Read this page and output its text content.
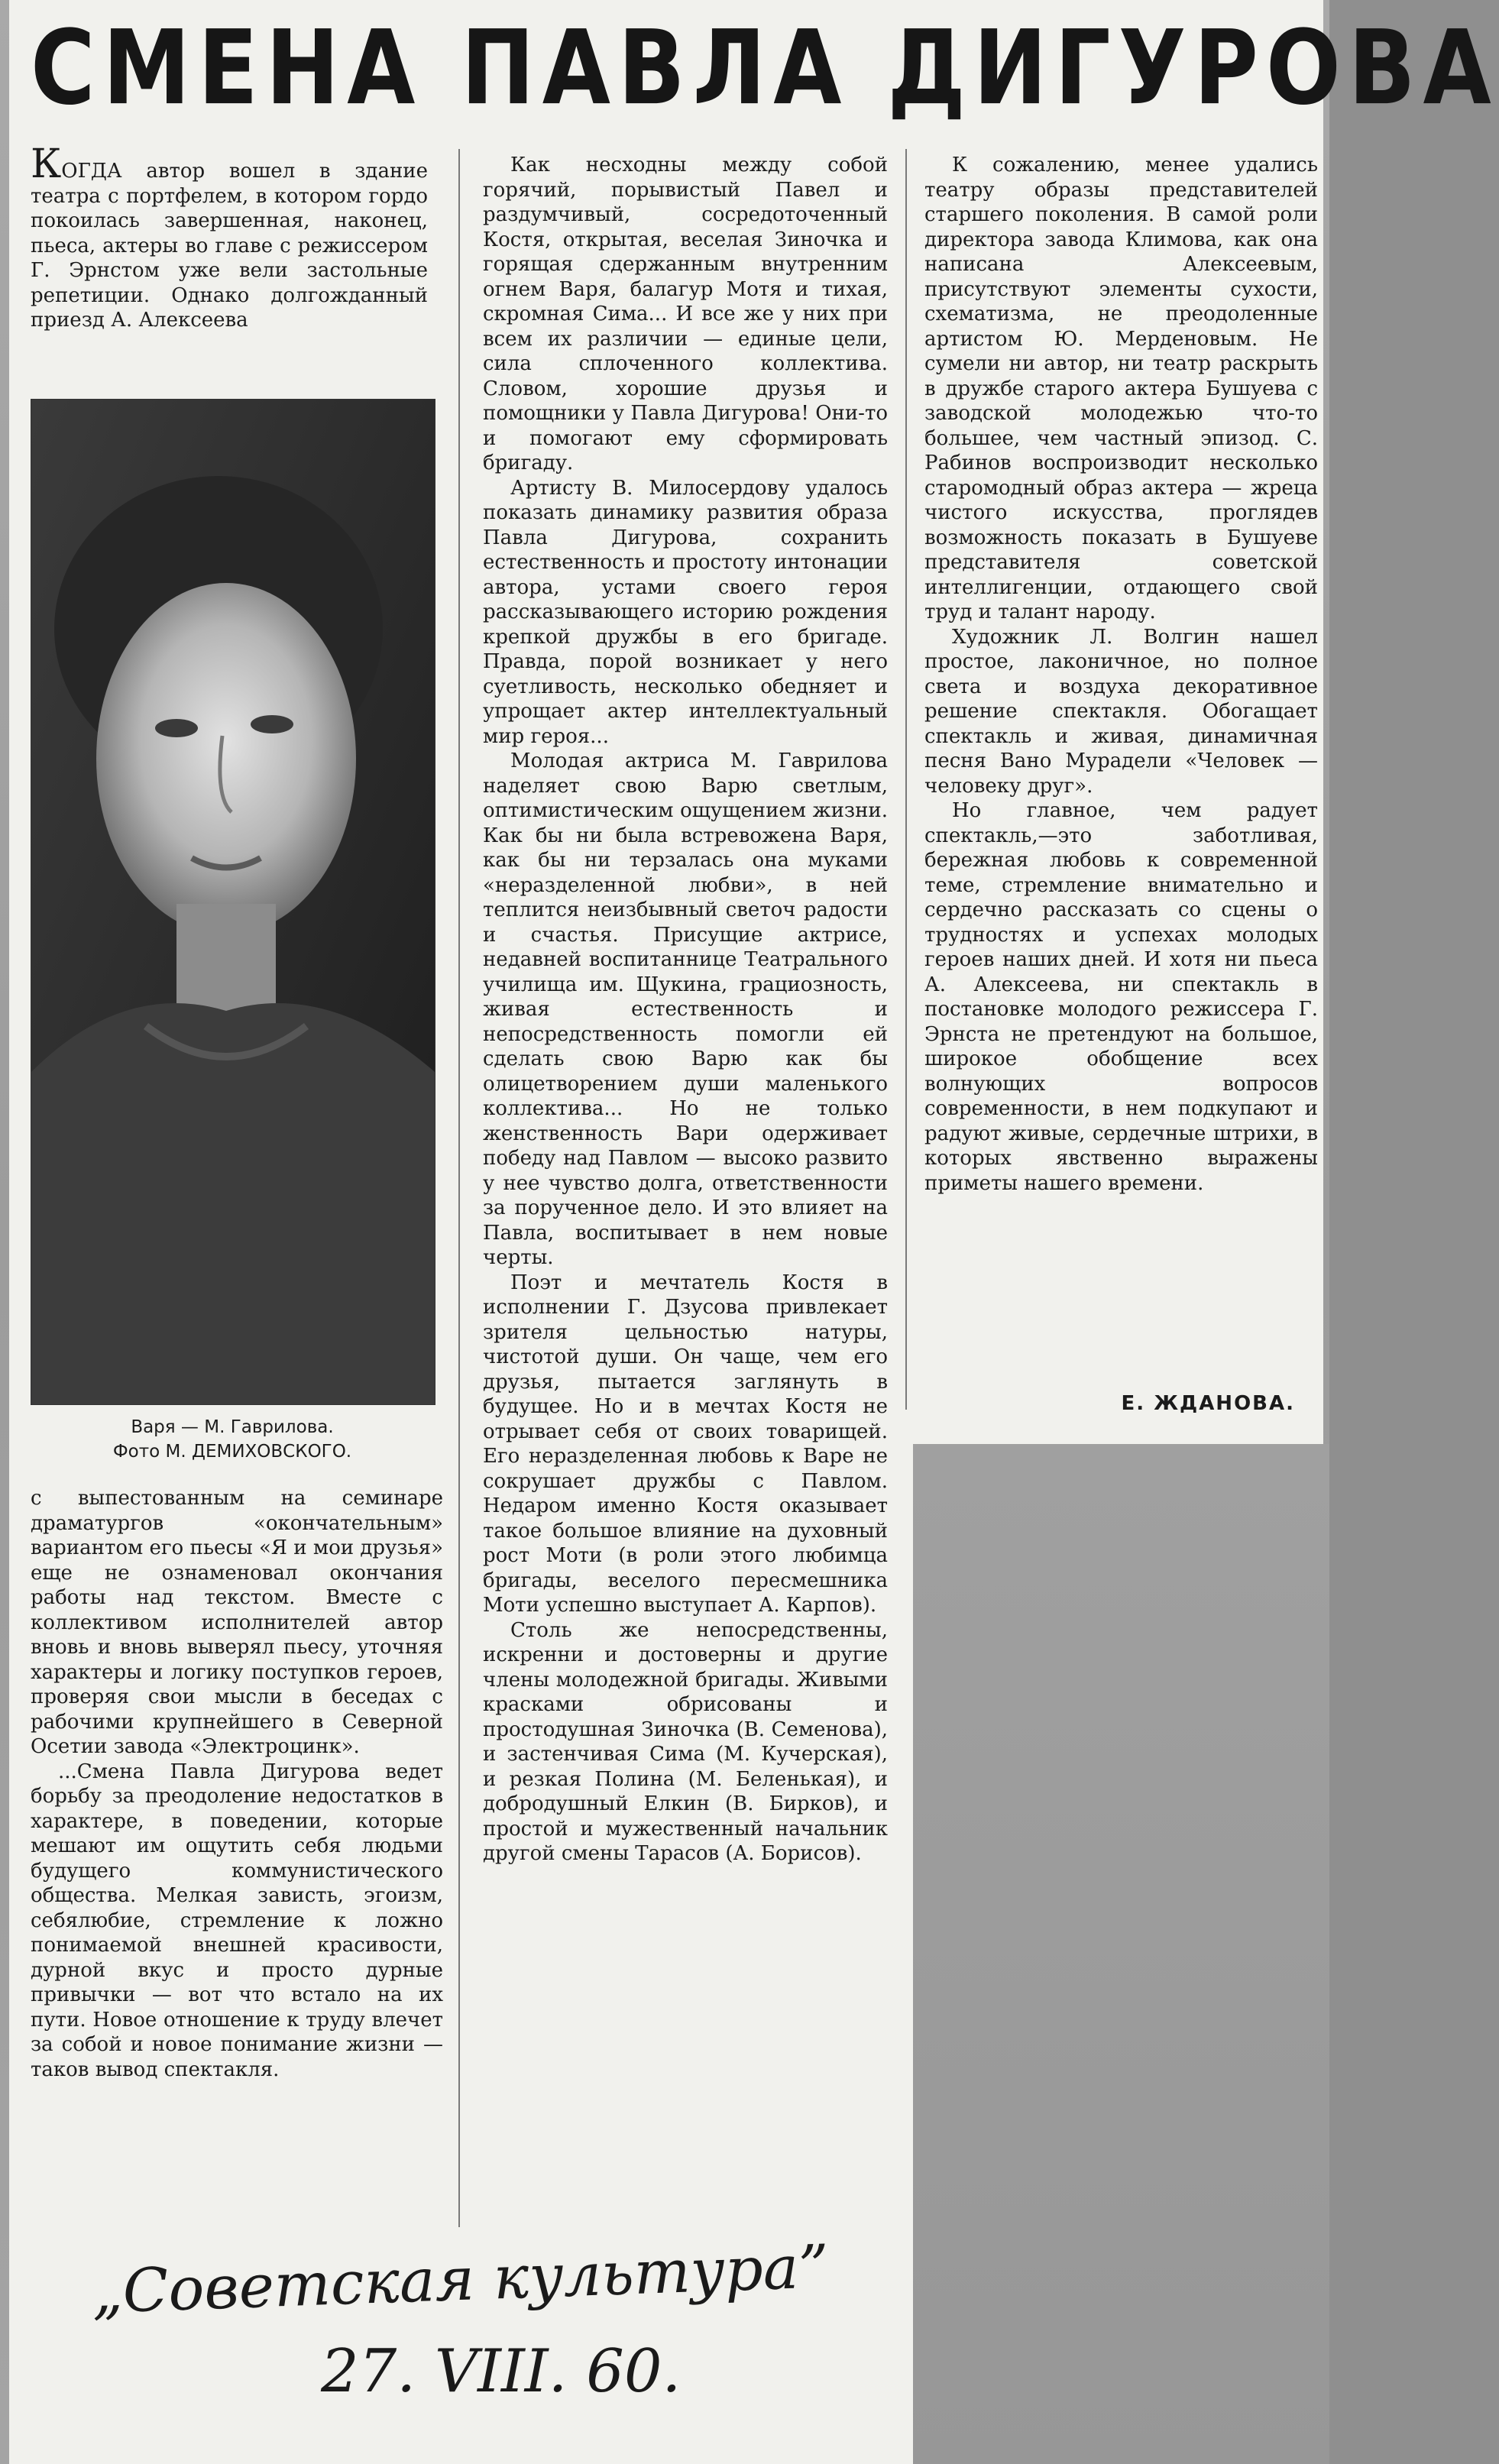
СМЕНА ПАВЛА ДИГУРОВА

КОГДА автор вошел в здание театра с портфелем, в котором гордо покоилась завершенная, наконец, пьеса, актеры во главе с режиссером Г. Эрнстом уже вели застольные репетиции. Однако долгожданный приезд А. Алексеева

Варя — М. Гаврилова.
Фото М. ДЕМИХОВСКОГО.

с выпестованным на семинаре драматургов «окончательным» вариантом его пьесы «Я и мои друзья» еще не ознаменовал окончания работы над текстом. Вместе с коллективом исполнителей автор вновь и вновь выверял пьесу, уточняя характеры и логику поступков героев, проверяя свои мысли в беседах с рабочими крупнейшего в Северной Осетии завода «Электроцинк».

...Смена Павла Дигурова ведет борьбу за преодоление недостатков в характере, в поведении, которые мешают им ощутить себя людьми будущего коммунистического общества. Мелкая зависть, эгоизм, себялюбие, стремление к ложно понимаемой внешней красивости, дурной вкус и просто дурные привычки — вот что встало на их пути. Новое отношение к труду влечет за собой и новое понимание жизни — таков вывод спектакля.

Как несходны между собой горячий, порывистый Павел и раздумчивый, сосредоточенный Костя, открытая, веселая Зиночка и горящая сдержанным внутренним огнем Варя, балагур Мотя и тихая, скромная Сима... И все же у них при всем их различии — единые цели, сила сплоченного коллектива. Словом, хорошие друзья и помощники у Павла Дигурова! Они-то и помогают ему сформировать бригаду.

Артисту В. Милосердову удалось показать динамику развития образа Павла Дигурова, сохранить естественность и простоту интонации автора, устами своего героя рассказывающего историю рождения крепкой дружбы в его бригаде. Правда, порой возникает у него суетливость, несколько обедняет и упрощает актер интеллектуальный мир героя...

Молодая актриса М. Гаврилова наделяет свою Варю светлым, оптимистическим ощущением жизни. Как бы ни была встревожена Варя, как бы ни терзалась она муками «неразделенной любви», в ней теплится неизбывный светоч радости и счастья. Присущие актрисе, недавней воспитаннице Театрального училища им. Щукина, грациозность, живая естественность и непосредственность помогли ей сделать свою Варю как бы олицетворением души маленького коллектива... Но не только женственность Вари одерживает победу над Павлом — высоко развито у нее чувство долга, ответственности за порученное дело. И это влияет на Павла, воспитывает в нем новые черты.

Поэт и мечтатель Костя в исполнении Г. Дзусова привлекает зрителя цельностью натуры, чистотой души. Он чаще, чем его друзья, пытается заглянуть в будущее. Но и в мечтах Костя не отрывает себя от своих товарищей. Его неразделенная любовь к Варе не сокрушает дружбы с Павлом. Недаром именно Костя оказывает такое большое влияние на духовный рост Моти (в роли этого любимца бригады, веселого пересмешника Моти успешно выступает А. Карпов).

Столь же непосредственны, искренни и достоверны и другие члены молодежной бригады. Живыми красками обрисованы и простодушная Зиночка (В. Семенова), и застенчивая Сима (М. Кучерская), и резкая Полина (М. Беленькая), и добродушный Елкин (В. Бирков), и простой и мужественный начальник другой смены Тарасов (А. Борисов).

К сожалению, менее удались театру образы представителей старшего поколения. В самой роли директора завода Климова, как она написана Алексеевым, присутствуют элементы сухости, схематизма, не преодоленные артистом Ю. Мерденовым. Не сумели ни автор, ни театр раскрыть в дружбе старого актера Бушуева с заводской молодежью что-то большее, чем частный эпизод. С. Рабинов воспроизводит несколько старомодный образ актера — жреца чистого искусства, проглядев возможность показать в Бушуеве представителя советской интеллигенции, отдающего свой труд и талант народу.

Художник Л. Волгин нашел простое, лаконичное, но полное света и воздуха декоративное решение спектакля. Обогащает спектакль и живая, динамичная песня Вано Мурадели «Человек — человеку друг».

Но главное, чем радует спектакль,—это заботливая, бережная любовь к современной теме, стремление внимательно и сердечно рассказать со сцены о трудностях и успехах молодых героев наших дней. И хотя ни пьеса А. Алексеева, ни спектакль в постановке молодого режиссера Г. Эрнста не претендуют на большое, широкое обобщение всех волнующих вопросов современности, в нем подкупают и радуют живые, сердечные штрихи, в которых явственно выражены приметы нашего времени.

Е. ЖДАНОВА.
„Советская культура”
27. VIII. 60.
